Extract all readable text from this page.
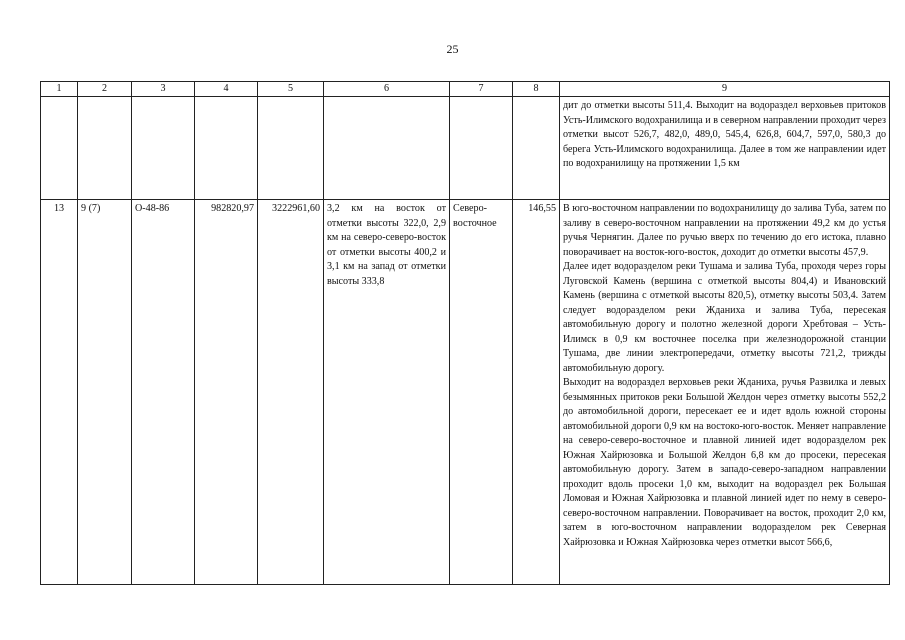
25
1	2	3	4	5	6	7	8	9
								дит до отметки высоты 511,4. Выходит на водораздел верховьев притоков Усть-Илимского водохранилища и в северном направлении проходит через отметки высот 526,7, 482,0, 489,0, 545,4, 626,8, 604,7, 597,0, 580,3 до берега Усть-Илимского водохранилища. Далее в том же направлении идет по водохранилищу на протяжении 1,5 км
13	9 (7)	О-48-86	982820,97	3222961,60	3,2 км на восток от отметки высоты 322,0, 2,9 км на северо-северо-восток от отметки высоты 400,2 и 3,1 км на запад от отметки высоты 333,8	Северо-восточное	146,55	В юго-восточном направлении по водохранилищу до залива Туба, затем по заливу в северо-восточном направлении на протяжении 49,2 км до устья ручья Чернягин. Далее по ручью вверх по течению до его истока, плавно поворачивает на восток-юго-восток, доходит до отметки высоты 457,9.
Далее идет водоразделом реки Тушама и залива Туба, проходя через горы Луговской Камень (вершина с отметкой высоты 804,4) и Ивановский Камень (вершина с отметкой высоты 820,5), отметку высоты 503,4. Затем следует водоразделом реки Жданиха и залива Туба, пересекая автомобильную дорогу и полотно железной дороги Хребтовая – Усть-Илимск в 0,9 км восточнее поселка при железнодорожной станции Тушама, две линии электропередачи, отметку высоты 721,2, трижды автомобильную дорогу.
Выходит на водораздел верховьев реки Жданиха, ручья Развилка и левых безымянных притоков реки Большой Желдон через отметку высоты 552,2 до автомобильной дороги, пересекает ее и идет вдоль южной стороны автомобильной дороги 0,9 км на востоко-юго-восток. Меняет направление на северо-северо-восточное и плавной линией идет водоразделом рек Южная Хайрюзовка и Большой Желдон 6,8 км до просеки, пересекая автомобильную дорогу. Затем в западо-северо-западном направлении проходит вдоль просеки 1,0 км, выходит на водораздел рек Большая Ломовая и Южная Хайрюзовка и плавной линией идет по нему в северо-северо-восточном направлении. Поворачивает на восток, проходит 2,0 км, затем в юго-восточном направлении водоразделом рек Северная Хайрюзовка и Южная Хайрюзовка через отметки высот 566,6,
